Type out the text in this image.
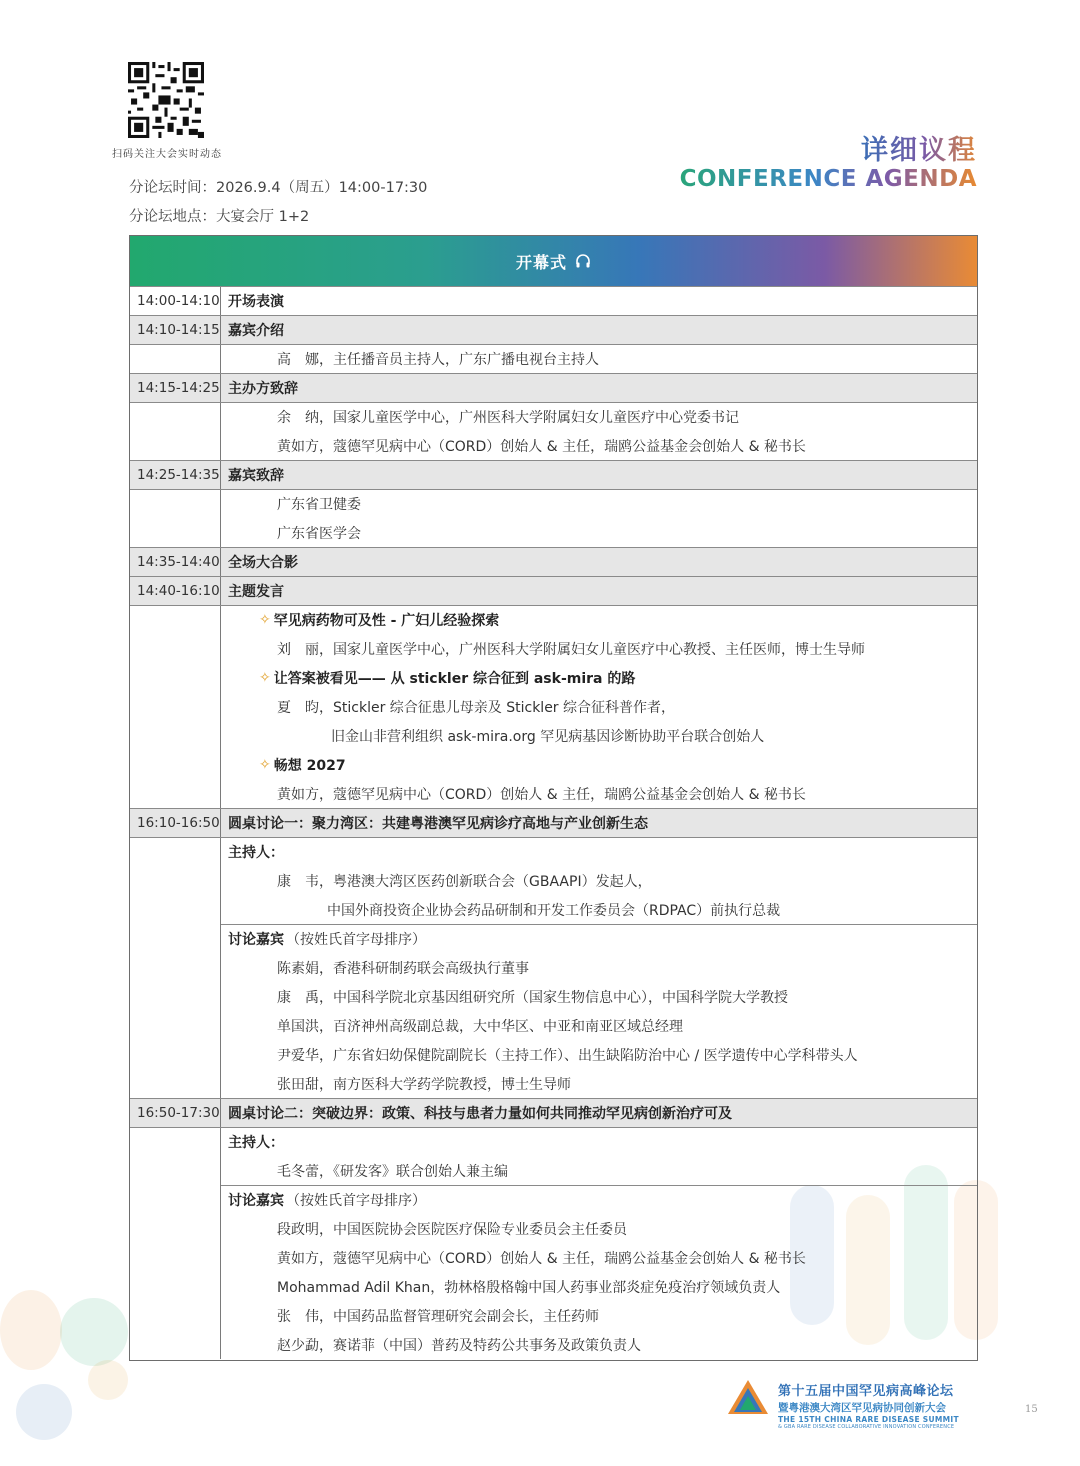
扫码关注大会实时动态
分论坛时间：2026.9.4（周五）14:00-17:30
分论坛地点：大宴会厅 1+2
详细议程
CONFERENCE AGENDA
开幕式
14:00-14:10 开场表演
14:10-14:15 嘉宾介绍
高　娜，主任播音员主持人，广东广播电视台主持人
14:15-14:25 主办方致辞
余　纳，国家儿童医学中心，广州医科大学附属妇女儿童医疗中心党委书记
黄如方，蔻德罕见病中心（CORD）创始人 & 主任，瑞鸥公益基金会创始人 & 秘书长
14:25-14:35 嘉宾致辞
广东省卫健委
广东省医学会
14:35-14:40 全场大合影
14:40-16:10 主题发言
✧ 罕见病药物可及性 - 广妇儿经验探索
刘　丽，国家儿童医学中心，广州医科大学附属妇女儿童医疗中心教授、主任医师，博士生导师
✧ 让答案被看见—— 从 stickler 综合征到 ask-mira 的路
夏　昀，Stickler 综合征患儿母亲及 Stickler 综合征科普作者，
旧金山非营利组织 ask-mira.org 罕见病基因诊断协助平台联合创始人
✧ 畅想 2027
黄如方，蔻德罕见病中心（CORD）创始人 & 主任，瑞鸥公益基金会创始人 & 秘书长
16:10-16:50 圆桌讨论一：聚力湾区：共建粤港澳罕见病诊疗高地与产业创新生态
主持人：
康　韦，粤港澳大湾区医药创新联合会（GBAAPI）发起人，
中国外商投资企业协会药品研制和开发工作委员会（RDPAC）前执行总裁
讨论嘉宾 （按姓氏首字母排序）
陈素娟，香港科研制药联会高级执行董事
康　禹，中国科学院北京基因组研究所（国家生物信息中心），中国科学院大学教授
单国洪，百济神州高级副总裁，大中华区、中亚和南亚区域总经理
尹爱华，广东省妇幼保健院副院长（主持工作）、出生缺陷防治中心 / 医学遗传中心学科带头人
张田甜，南方医科大学药学院教授，博士生导师
16:50-17:30 圆桌讨论二：突破边界：政策、科技与患者力量如何共同推动罕见病创新治疗可及
主持人：
毛冬蕾，《研发客》联合创始人兼主编
讨论嘉宾 （按姓氏首字母排序）
段政明，中国医院协会医院医疗保险专业委员会主任委员
黄如方，蔻德罕见病中心（CORD）创始人 & 主任，瑞鸥公益基金会创始人 & 秘书长
Mohammad Adil Khan，勃林格殷格翰中国人药事业部炎症免疫治疗领域负责人
张　伟，中国药品监督管理研究会副会长，主任药师
赵少勐，赛诺菲（中国）普药及特药公共事务及政策负责人
第十五届中国罕见病高峰论坛
暨粤港澳大湾区罕见病协同创新大会
THE 15TH CHINA RARE DISEASE SUMMIT
& GBA RARE DISEASE COLLABORATIVE INNOVATION CONFERENCE
15
